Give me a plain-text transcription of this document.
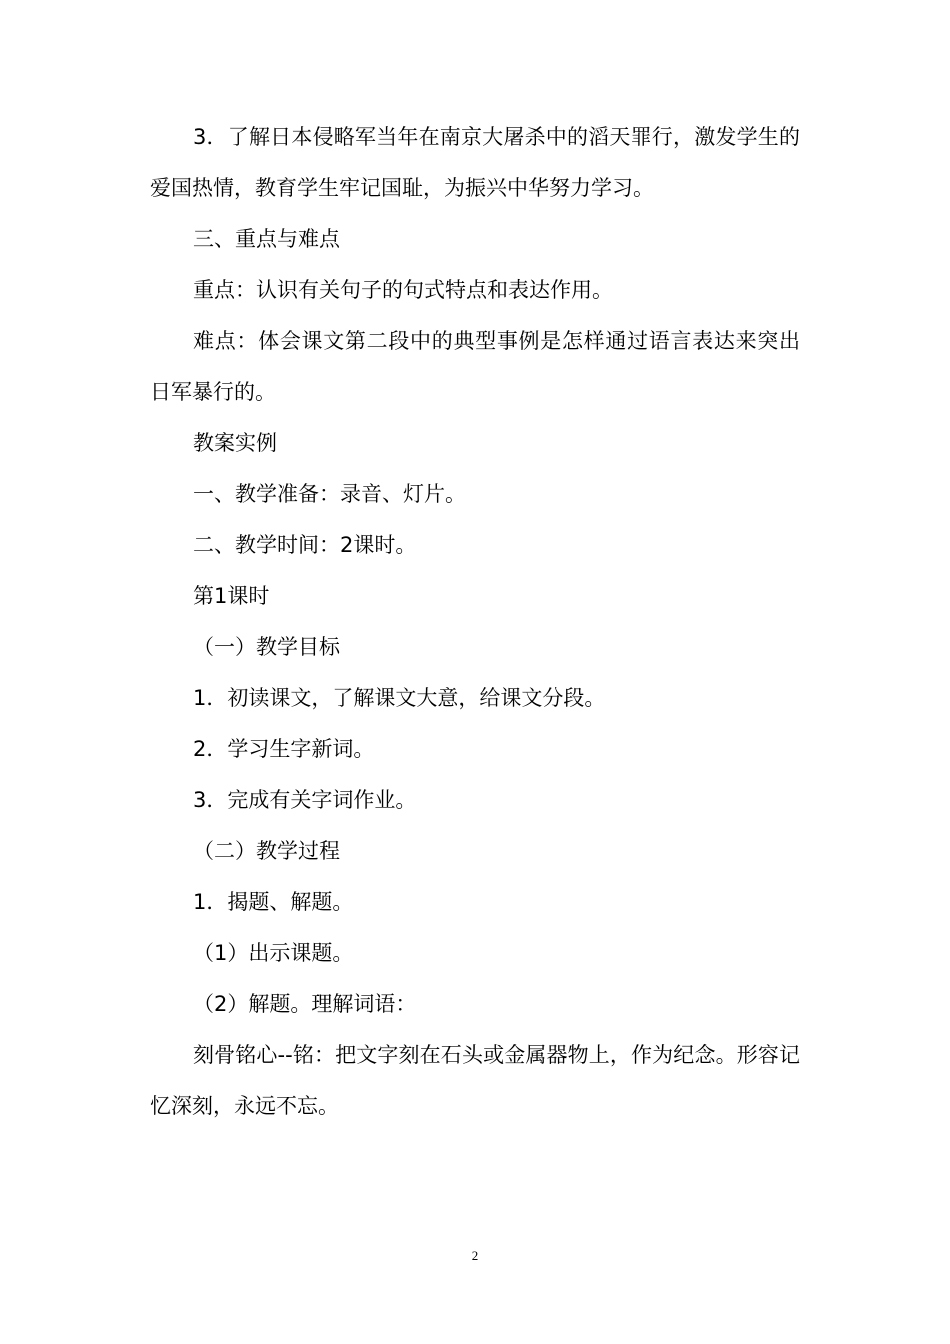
3．了解日本侵略军当年在南京大屠杀中的滔天罪行，激发学生的爱国热情，教育学生牢记国耻，为振兴中华努力学习。

三、重点与难点

重点：认识有关句子的句式特点和表达作用。

难点：体会课文第二段中的典型事例是怎样通过语言表达来突出日军暴行的。

教案实例

一、教学准备：录音、灯片。

二、教学时间：2课时。

第1课时

（一）教学目标

1．初读课文，了解课文大意，给课文分段。

2．学习生字新词。

3．完成有关字词作业。

（二）教学过程

1．揭题、解题。

（1）出示课题。

（2）解题。理解词语：

刻骨铭心--铭：把文字刻在石头或金属器物上，作为纪念。形容记忆深刻，永远不忘。

2
